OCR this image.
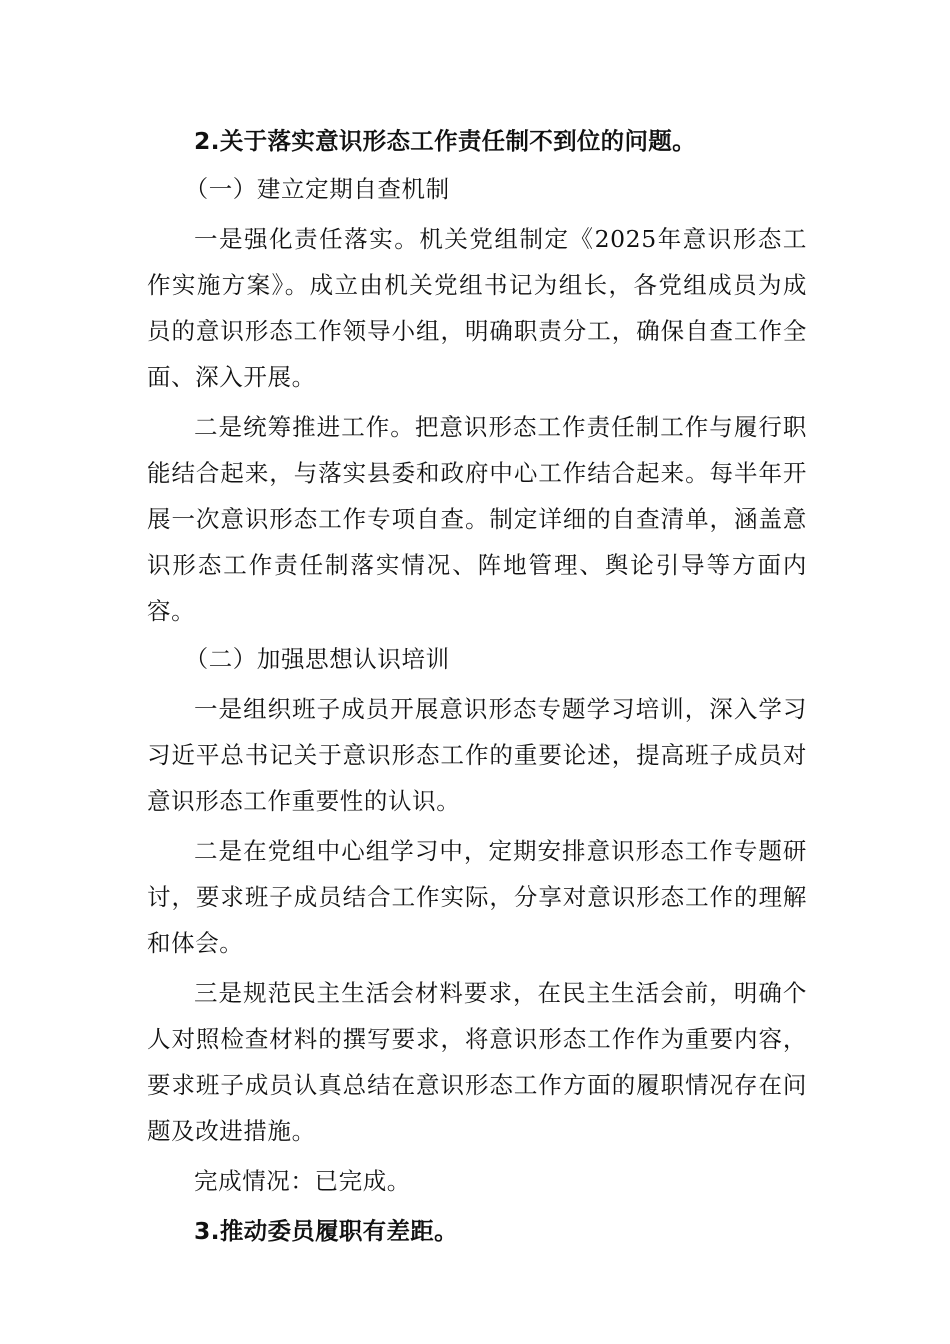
2.关于落实意识形态工作责任制不到位的问题。

（一）建立定期自查机制

一是强化责任落实。机关党组制定《2025年意识形态工作实施方案》。成立由机关党组书记为组长，各党组成员为成员的意识形态工作领导小组，明确职责分工，确保自查工作全面、深入开展。

二是统筹推进工作。把意识形态工作责任制工作与履行职能结合起来，与落实县委和政府中心工作结合起来。每半年开展一次意识形态工作专项自查。制定详细的自查清单，涵盖意识形态工作责任制落实情况、阵地管理、舆论引导等方面内容。

（二）加强思想认识培训

一是组织班子成员开展意识形态专题学习培训，深入学习习近平总书记关于意识形态工作的重要论述，提高班子成员对意识形态工作重要性的认识。

二是在党组中心组学习中，定期安排意识形态工作专题研讨，要求班子成员结合工作实际，分享对意识形态工作的理解和体会。

三是规范民主生活会材料要求，在民主生活会前，明确个人对照检查材料的撰写要求，将意识形态工作作为重要内容，要求班子成员认真总结在意识形态工作方面的履职情况存在问题及改进措施。

完成情况：已完成。

3.推动委员履职有差距。
